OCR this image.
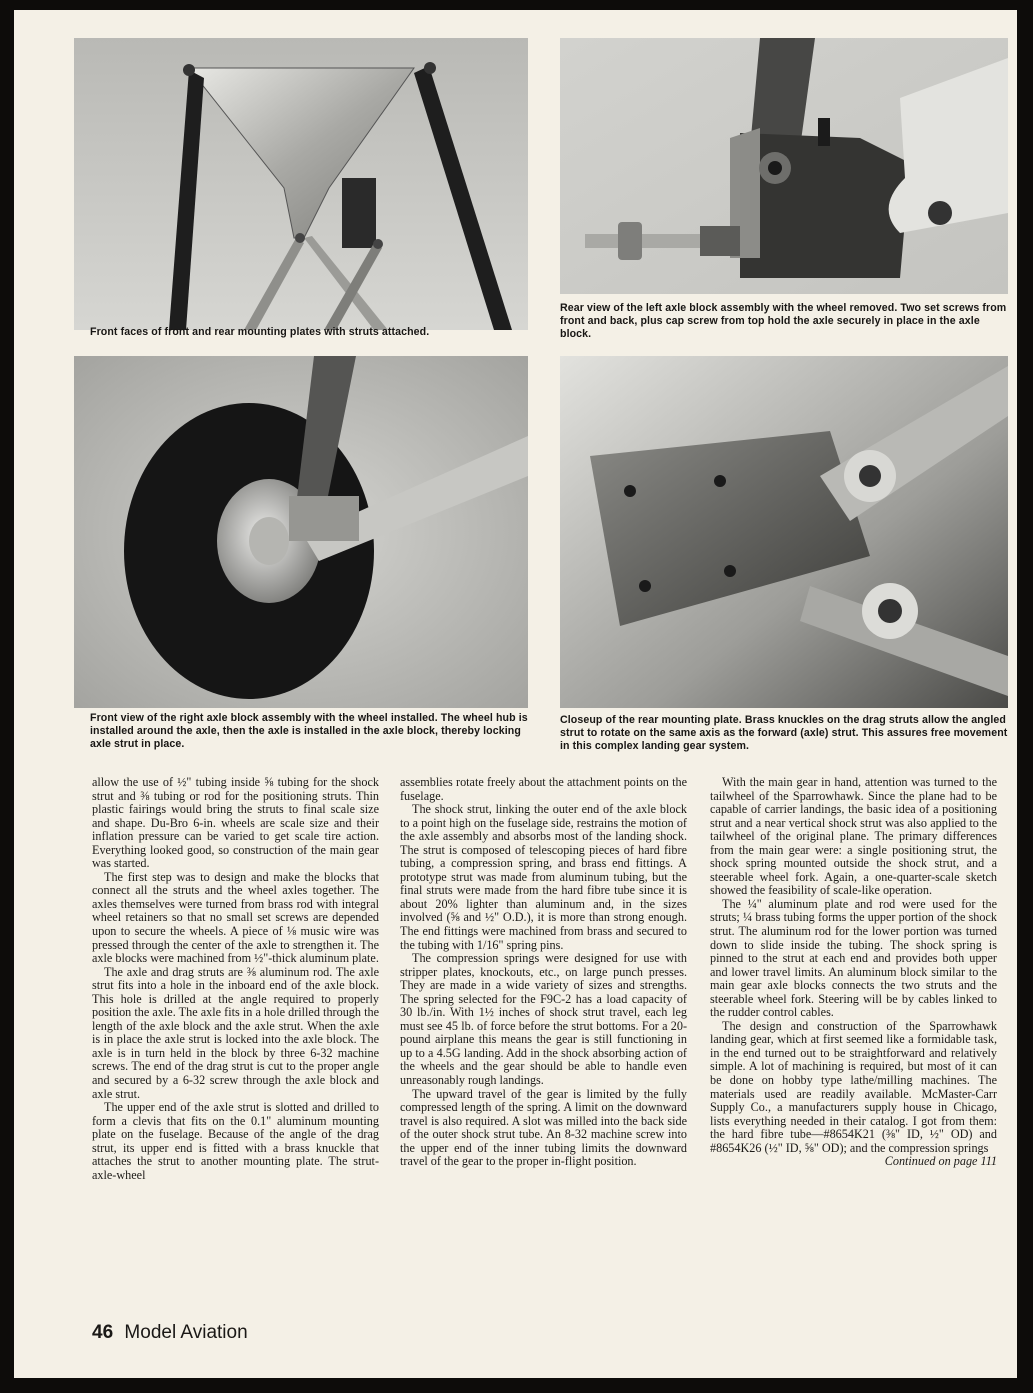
Front faces of front and rear mounting plates with struts attached.
Rear view of the left axle block assembly with the wheel removed. Two set screws from front and back, plus cap screw from top hold the axle securely in place in the axle block.
Front view of the right axle block assembly with the wheel installed. The wheel hub is installed around the axle, then the axle is installed in the axle block, thereby locking axle strut in place.
Closeup of the rear mounting plate. Brass knuckles on the drag struts allow the angled strut to rotate on the same axis as the forward (axle) strut. This assures free movement in this complex landing gear system.

allow the use of ½" tubing inside ⅝ tubing for the shock strut and ⅜ tubing or rod for the positioning struts. Thin plastic fairings would bring the struts to final scale size and shape. Du-Bro 6-in. wheels are scale size and their inflation pressure can be varied to get scale tire action. Everything looked good, so construction of the main gear was started.

The first step was to design and make the blocks that connect all the struts and the wheel axles together. The axles themselves were turned from brass rod with integral wheel retainers so that no small set screws are depended upon to secure the wheels. A piece of ⅛ music wire was pressed through the center of the axle to strengthen it. The axle blocks were machined from ½"-thick aluminum plate.

The axle and drag struts are ⅜ aluminum rod. The axle strut fits into a hole in the inboard end of the axle block. This hole is drilled at the angle required to properly position the axle. The axle fits in a hole drilled through the length of the axle block and the axle strut. When the axle is in place the axle strut is locked into the axle block. The axle is in turn held in the block by three 6-32 machine screws. The end of the drag strut is cut to the proper angle and secured by a 6-32 screw through the axle block and axle strut.

The upper end of the axle strut is slotted and drilled to form a clevis that fits on the 0.1" aluminum mounting plate on the fuselage. Because of the angle of the drag strut, its upper end is fitted with a brass knuckle that attaches the strut to another mounting plate. The strut-axle-wheel

assemblies rotate freely about the attachment points on the fuselage.

The shock strut, linking the outer end of the axle block to a point high on the fuselage side, restrains the motion of the axle assembly and absorbs most of the landing shock. The strut is composed of telescoping pieces of hard fibre tubing, a compression spring, and brass end fittings. A prototype strut was made from aluminum tubing, but the final struts were made from the hard fibre tube since it is about 20% lighter than aluminum and, in the sizes involved (⅝ and ½" O.D.), it is more than strong enough. The end fittings were machined from brass and secured to the tubing with 1/16" spring pins.

The compression springs were designed for use with stripper plates, knockouts, etc., on large punch presses. They are made in a wide variety of sizes and strengths. The spring selected for the F9C-2 has a load capacity of 30 lb./in. With 1½ inches of shock strut travel, each leg must see 45 lb. of force before the strut bottoms. For a 20-pound airplane this means the gear is still functioning in up to a 4.5G landing. Add in the shock absorbing action of the wheels and the gear should be able to handle even unreasonably rough landings.

The upward travel of the gear is limited by the fully compressed length of the spring. A limit on the downward travel is also required. A slot was milled into the back side of the outer shock strut tube. An 8-32 machine screw into the upper end of the inner tubing limits the downward travel of the gear to the proper in-flight position.

With the main gear in hand, attention was turned to the tailwheel of the Sparrowhawk. Since the plane had to be capable of carrier landings, the basic idea of a positioning strut and a near vertical shock strut was also applied to the tailwheel of the original plane. The primary differences from the main gear were: a single positioning strut, the shock spring mounted outside the shock strut, and a steerable wheel fork. Again, a one-quarter-scale sketch showed the feasibility of scale-like operation.

The ¼" aluminum plate and rod were used for the struts; ¼ brass tubing forms the upper portion of the shock strut. The aluminum rod for the lower portion was turned down to slide inside the tubing. The shock spring is pinned to the strut at each end and provides both upper and lower travel limits. An aluminum block similar to the main gear axle blocks connects the two struts and the steerable wheel fork. Steering will be by cables linked to the rudder control cables.

The design and construction of the Sparrowhawk landing gear, which at first seemed like a formidable task, in the end turned out to be straightforward and relatively simple. A lot of machining is required, but most of it can be done on hobby type lathe/milling machines. The materials used are readily available. McMaster-Carr Supply Co., a manufacturers supply house in Chicago, lists everything needed in their catalog. I got from them: the hard fibre tube—#8654K21 (⅜" ID, ½" OD) and #8654K26 (½" ID, ⅝" OD); and the compression springs

Continued on page 111

46 Model Aviation
